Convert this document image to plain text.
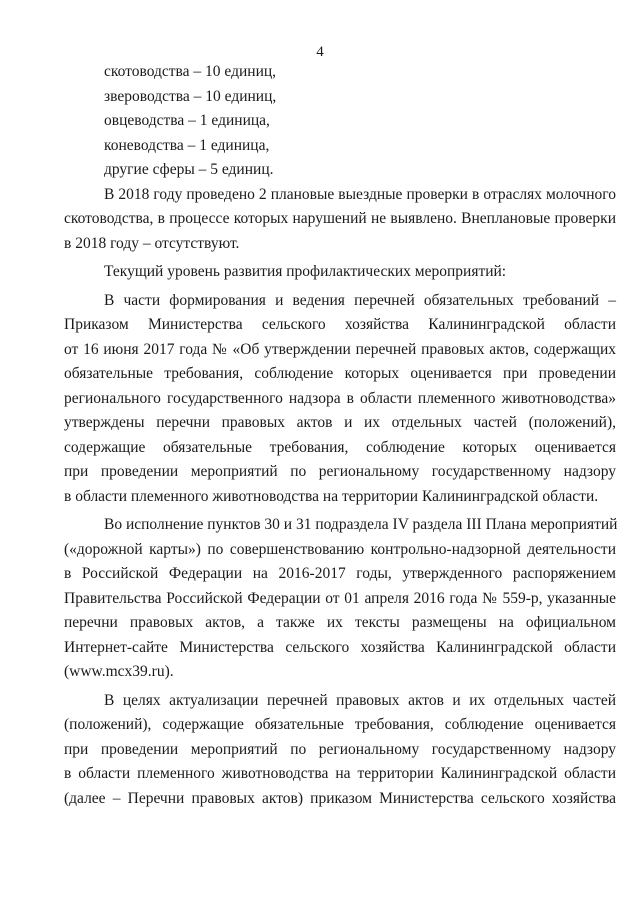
4

скотоводства – 10 единиц,

звероводства – 10 единиц,

овцеводства – 1 единица,

коневодства – 1 единица,

другие сферы – 5 единиц.

В 2018 году проведено 2 плановые выездные проверки в отраслях молочного
скотоводства, в процессе которых нарушений не выявлено. Внеплановые проверки
в 2018 году – отсутствуют.
Текущий уровень развития профилактических мероприятий:
В части формирования и ведения перечней обязательных требований –
Приказом Министерства сельского хозяйства Калининградской области
от 16 июня 2017 года № «Об утверждении перечней правовых актов, содержащих
обязательные требования, соблюдение которых оценивается при проведении
регионального государственного надзора в области племенного животноводства»
утверждены перечни правовых актов и их отдельных частей (положений),
содержащие обязательные требования, соблюдение которых оценивается
при проведении мероприятий по региональному государственному надзору
в области племенного животноводства на территории Калининградской области.
Во исполнение пунктов 30 и 31 подраздела IV раздела III Плана мероприятий
(«дорожной карты») по совершенствованию контрольно-надзорной деятельности
в Российской Федерации на 2016-2017 годы, утвержденного распоряжением
Правительства Российской Федерации от 01 апреля 2016 года № 559-р, указанные
перечни правовых актов, а также их тексты размещены на официальном
Интернет-сайте Министерства сельского хозяйства Калининградской области
(www.mcx39.ru).
В целях актуализации перечней правовых актов и их отдельных частей
(положений), содержащие обязательные требования, соблюдение оценивается
при проведении мероприятий по региональному государственному надзору
в области племенного животноводства на территории Калининградской области
(далее – Перечни правовых актов) приказом Министерства сельского хозяйства
